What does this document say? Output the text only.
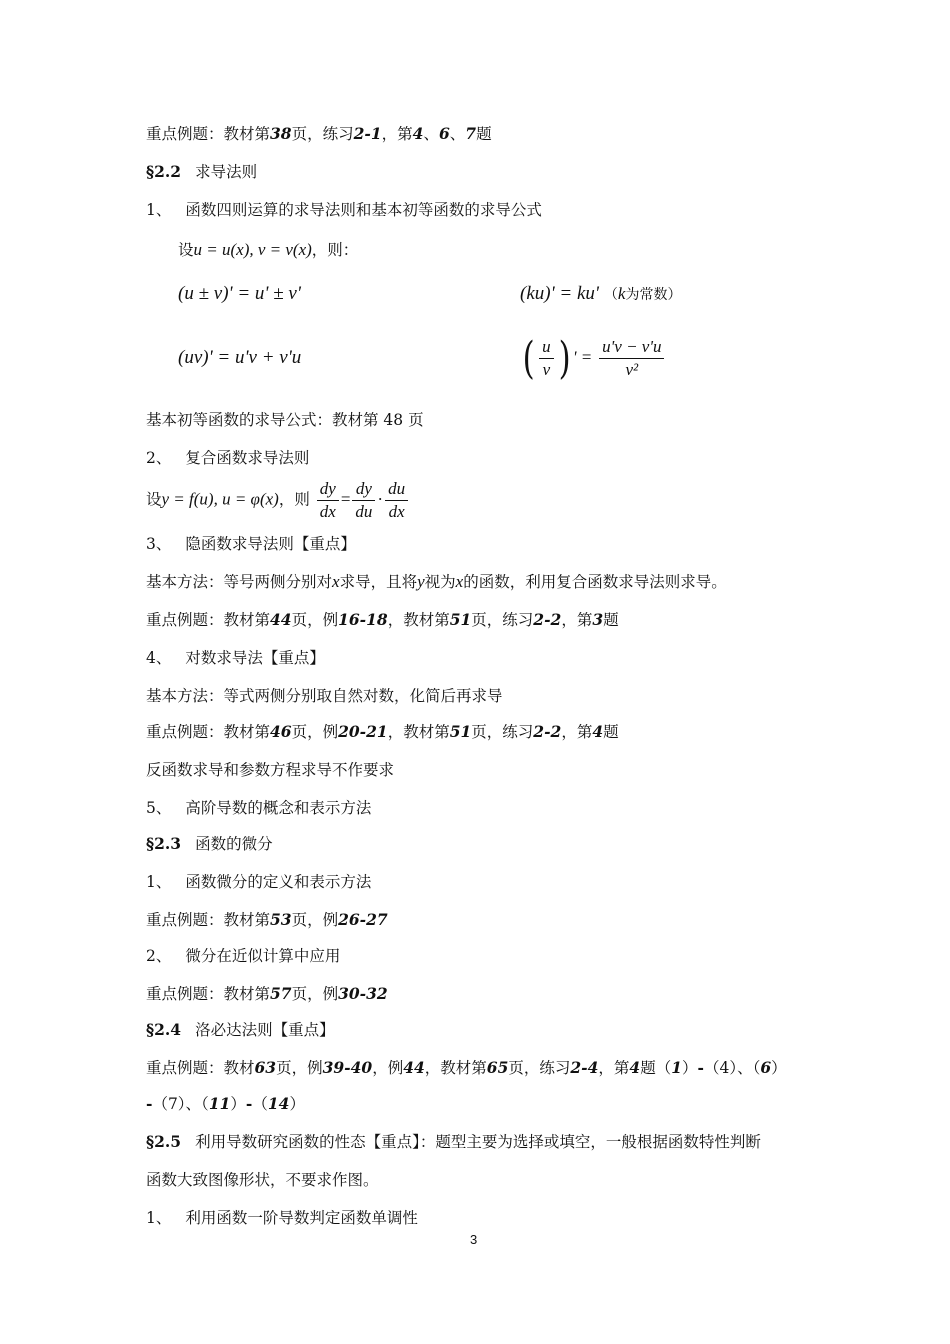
重点例题：教材第38页，练习2-1，第4、6、7题
§2.2 求导法则
1、 函数四则运算的求导法则和基本初等函数的求导公式
设u = u(x), v = v(x)，则：
(u ± v)' = u' ± v'	(ku)' = ku' （k为常数）
(uv)' = u'v + v'u	( $\frac{u}{v}$ ) ' = $\frac{u'v - v'u}{\text{v²}}$
基本初等函数的求导公式：教材第 48 页
2、 复合函数求导法则
设y = f(u), u = φ(x)，则 $\frac{dy}{dx} = \frac{dy}{du} \cdot \frac{du}{dx}$
3、 隐函数求导法则【重点】
基本方法：等号两侧分别对x求导，且将y视为x的函数，利用复合函数求导法则求导。
重点例题：教材第44页，例16-18，教材第51页，练习2-2，第3题
4、 对数求导法【重点】
基本方法：等式两侧分别取自然对数，化简后再求导
重点例题：教材第46页，例20-21，教材第51页，练习2-2，第4题
反函数求导和参数方程求导不作要求
5、 高阶导数的概念和表示方法
§2.3 函数的微分
1、 函数微分的定义和表示方法
重点例题：教材第53页，例26-27
2、 微分在近似计算中应用
重点例题：教材第57页，例30-32
§2.4 洛必达法则【重点】
重点例题：教材63页，例39-40，例44，教材第65页，练习2-4，第4题（1）-（4）、（6）
-（7）、（11）-（14）
§2.5 利用导数研究函数的性态【重点】：题型主要为选择或填空，一般根据函数特性判断
函数大致图像形状，不要求作图。
1、 利用函数一阶导数判定函数单调性
3
